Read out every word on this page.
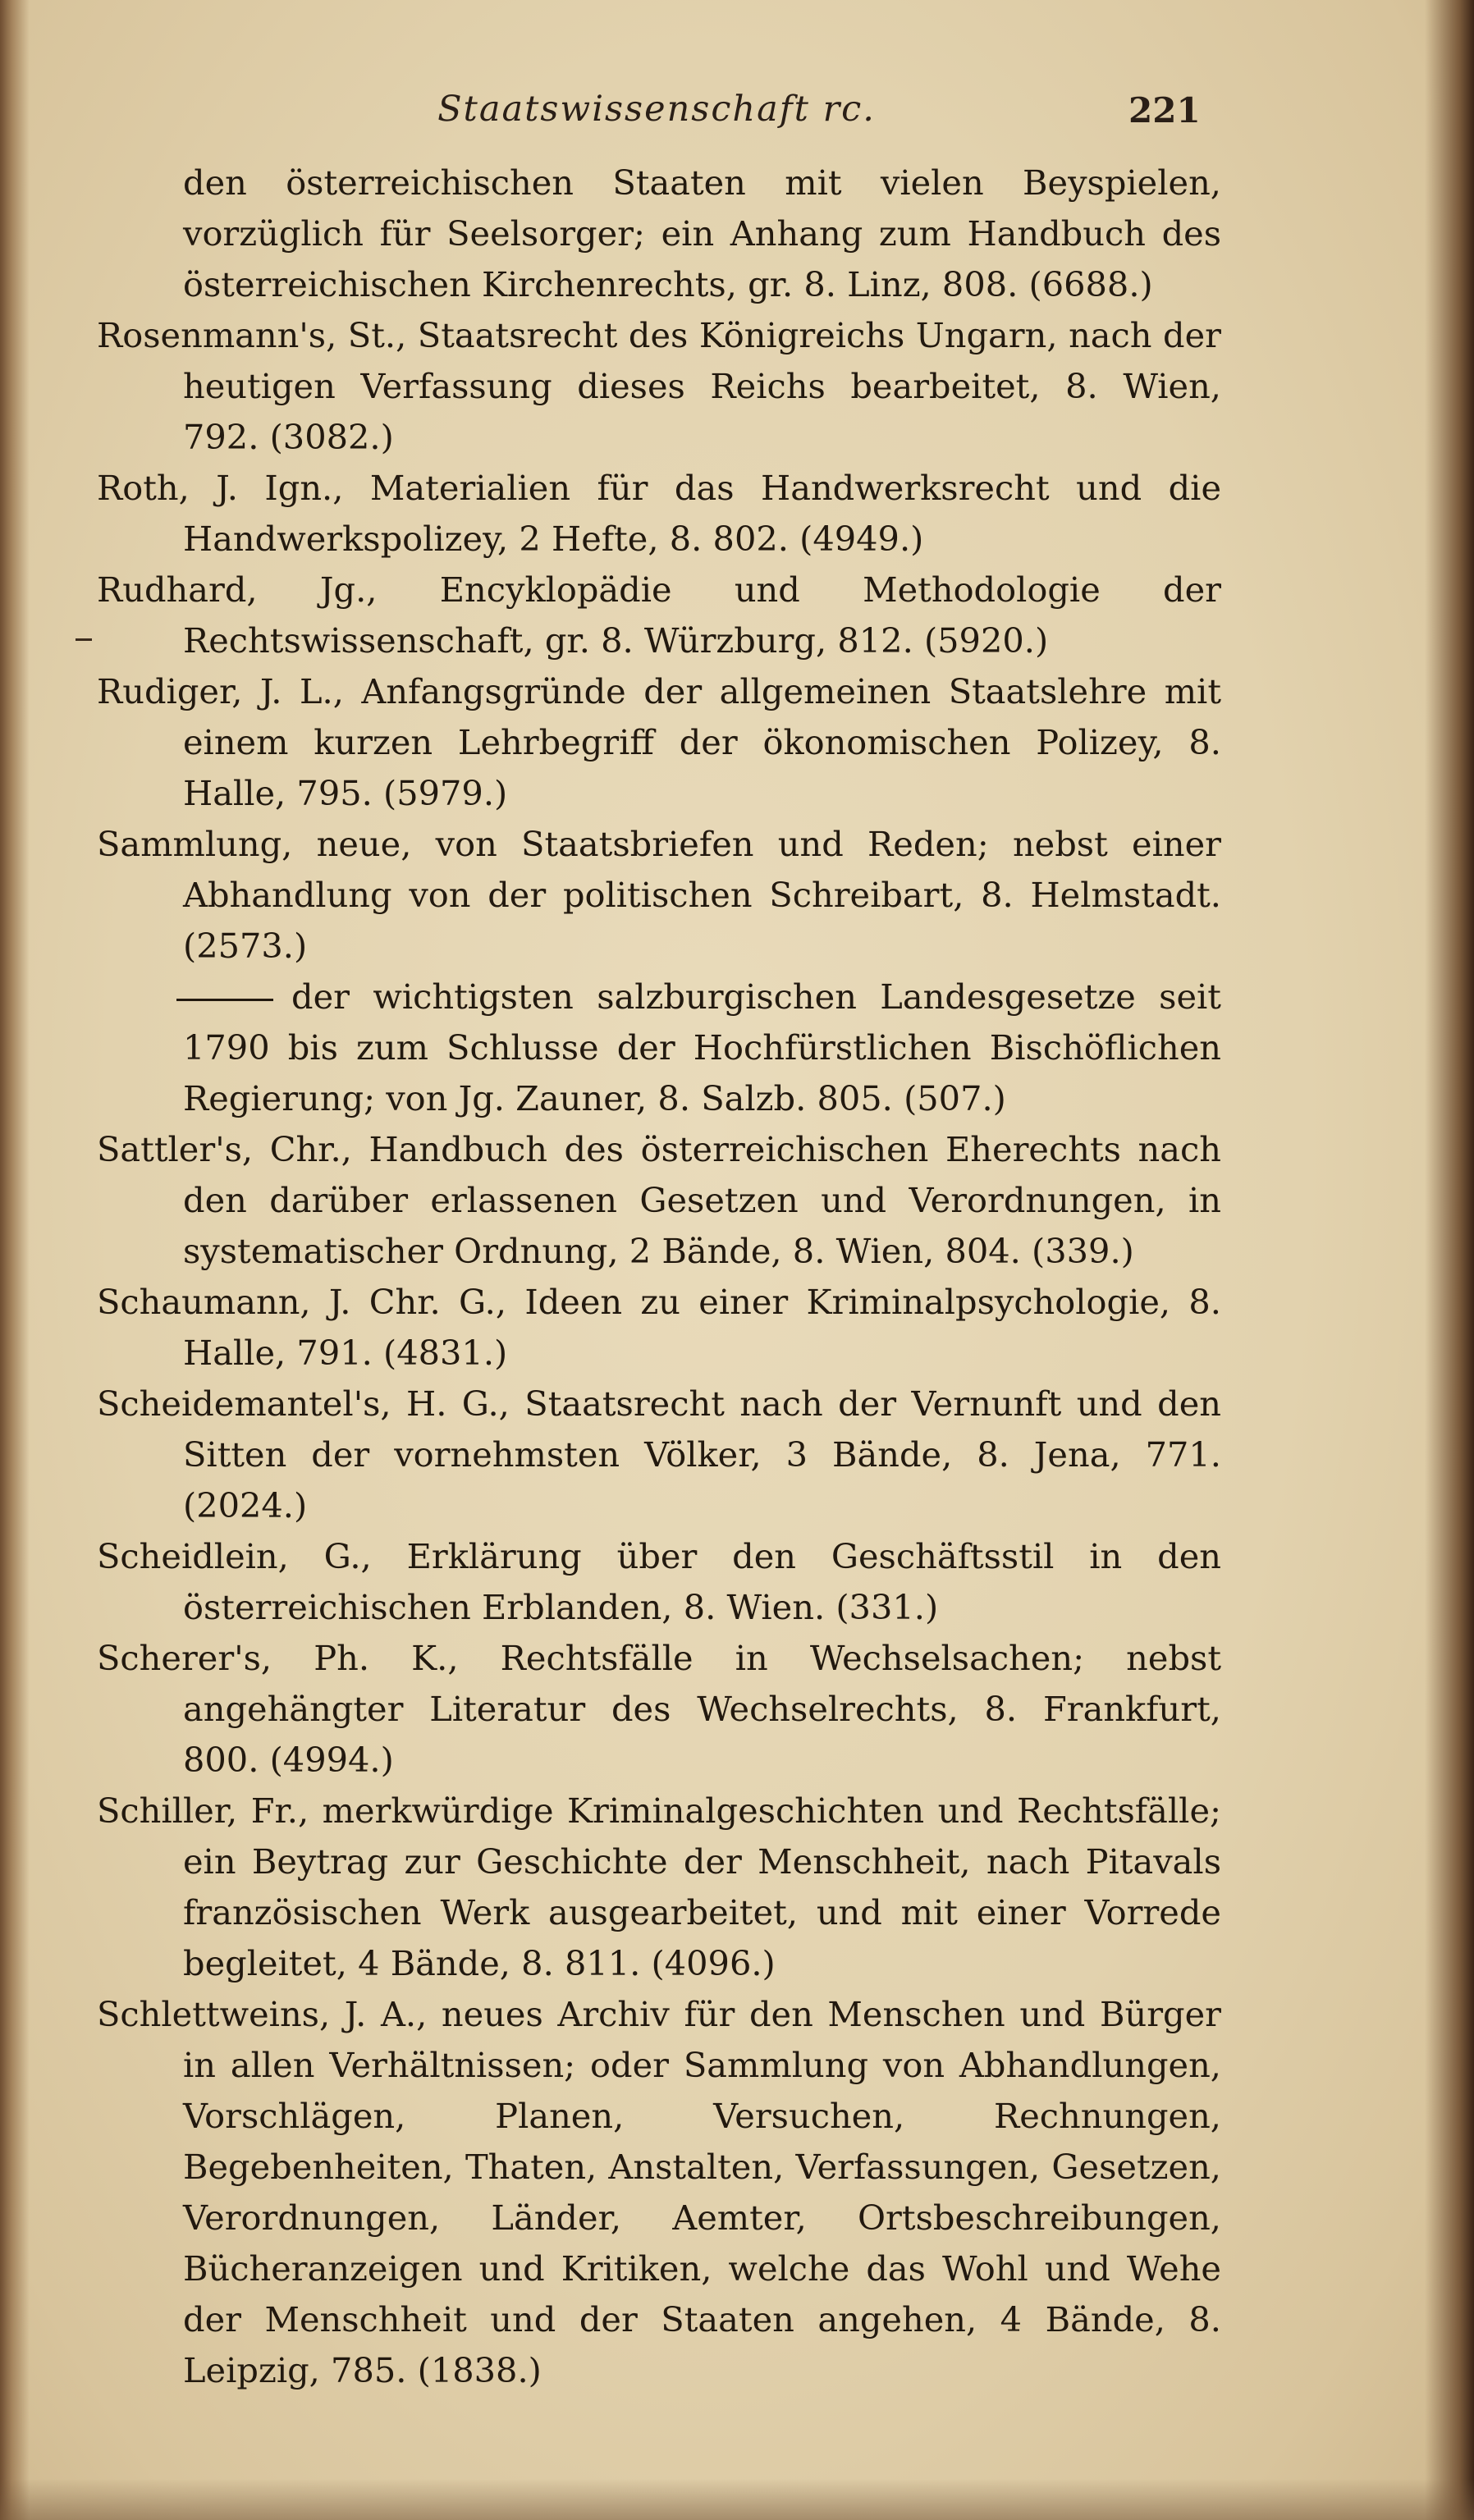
Staatswissenschaft rc.	221

den österreichischen Staaten mit vielen Beyspielen, vorzüglich für Seelsorger; ein Anhang zum Handbuch des österreichischen Kirchenrechts, gr. 8. Linz, 808. (6688.)

Rosenmann's, St., Staatsrecht des Königreichs Ungarn, nach der heutigen Verfassung dieses Reichs bearbeitet, 8. Wien, 792. (3082.)

Roth, J. Ign., Materialien für das Handwerksrecht und die Handwerkspolizey, 2 Hefte, 8. 802. (4949.)

Rudhard, Jg., Encyklopädie und Methodologie der Rechtswissenschaft, gr. 8. Würzburg, 812. (5920.)

Rudiger, J. L., Anfangsgründe der allgemeinen Staatslehre mit einem kurzen Lehrbegriff der ökonomischen Polizey, 8. Halle, 795. (5979.)

Sammlung, neue, von Staatsbriefen und Reden; nebst einer Abhandlung von der politischen Schreibart, 8. Helmstadt. (2573.)

der wichtigsten salzburgischen Landesgesetze seit 1790 bis zum Schlusse der Hochfürstlichen Bischöflichen Regierung; von Jg. Zauner, 8. Salzb. 805. (507.)

Sattler's, Chr., Handbuch des österreichischen Eherechts nach den darüber erlassenen Gesetzen und Verordnungen, in systematischer Ordnung, 2 Bände, 8. Wien, 804. (339.)

Schaumann, J. Chr. G., Ideen zu einer Kriminalpsychologie, 8. Halle, 791. (4831.)

Scheidemantel's, H. G., Staatsrecht nach der Vernunft und den Sitten der vornehmsten Völker, 3 Bände, 8. Jena, 771. (2024.)

Scheidlein, G., Erklärung über den Geschäftsstil in den österreichischen Erblanden, 8. Wien. (331.)

Scherer's, Ph. K., Rechtsfälle in Wechselsachen; nebst angehängter Literatur des Wechselrechts, 8. Frankfurt, 800. (4994.)

Schiller, Fr., merkwürdige Kriminalgeschichten und Rechtsfälle; ein Beytrag zur Geschichte der Menschheit, nach Pitavals französischen Werk ausgearbeitet, und mit einer Vorrede begleitet, 4 Bände, 8. 811. (4096.)

Schlettweins, J. A., neues Archiv für den Menschen und Bürger in allen Verhältnissen; oder Sammlung von Abhandlungen, Vorschlägen, Planen, Versuchen, Rechnungen, Begebenheiten, Thaten, Anstalten, Verfassungen, Gesetzen, Verordnungen, Länder, Aemter, Ortsbeschreibungen, Bücheranzeigen und Kritiken, welche das Wohl und Wehe der Menschheit und der Staaten angehen, 4 Bände, 8. Leipzig, 785. (1838.)
